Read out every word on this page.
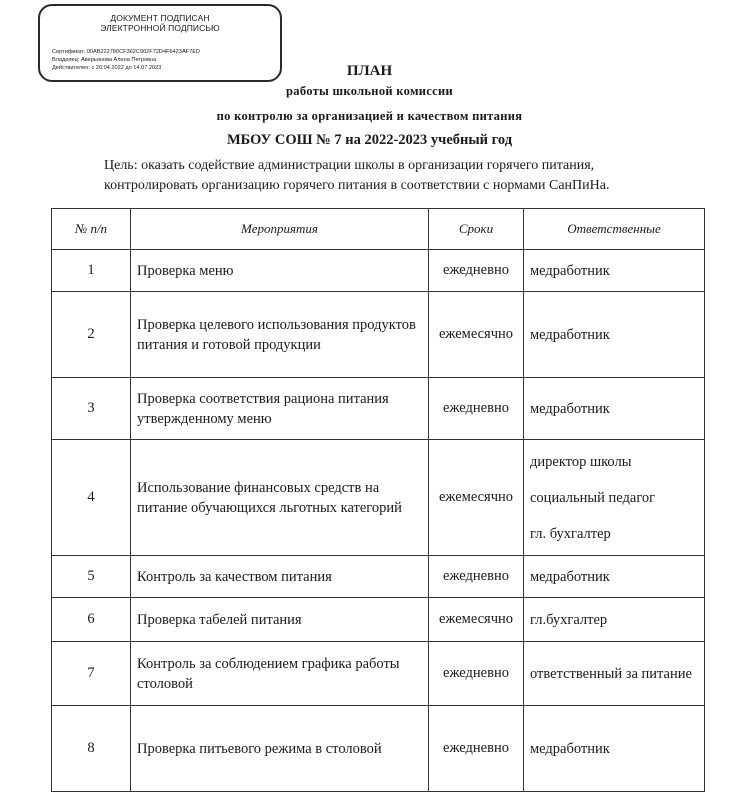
ДОКУМЕНТ ПОДПИСАН
ЭЛЕКТРОННОЙ ПОДПИСЬЮ
Сертификат: 00AB222780CF362C902F72D4F6423AF7ED
Владелец: Аверьянова Алена Петровна
Действителен: с 20.04.2022 до 14.07.2023	ПЛАН
работы школьной комиссии
по контролю за организацией и качеством питания
МБОУ СОШ № 7 на 2022-2023 учебный год
Цель: оказать содействие администрации школы в организации горячего питания,
контролировать организацию горячего питания в соответствии с нормами СанПиНа.
№ п/п	Мероприятия	Сроки	Ответственные
1	Проверка меню	ежедневно	медработник
2	Проверка целевого использования продуктов питания и готовой продукции	ежемесячно	медработник
3	Проверка соответствия рациона питания утвержденному меню	ежедневно	медработник
4	Использование финансовых средств на питание обучающихся льготных категорий	ежемесячно	директор школы
социальный педагог
гл. бухгалтер

5	Контроль за качеством питания	ежедневно	медработник
6	Проверка табелей питания	ежемесячно	гл.бухгалтер
7	Контроль за соблюдением графика работы столовой	ежедневно	ответственный за питание
8	Проверка питьевого режима в столовой	ежедневно	медработник
